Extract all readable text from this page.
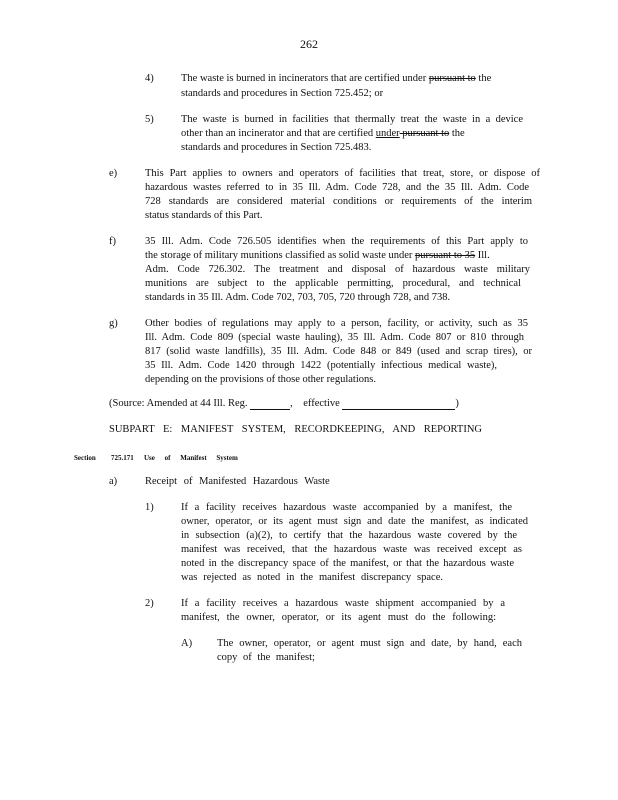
262
4)	The waste is burned in incinerators that are certified under pursuant to the
standards and procedures in Section 725.452; or
5)	The waste is burned in facilities that thermally treat the waste in a device
other than an incinerator and that are certified under pursuant to the
standards and procedures in Section 725.483.
e)	This Part applies to owners and operators of facilities that treat, store, or dispose of
hazardous wastes referred to in 35 Ill. Adm. Code 728, and the 35 Ill. Adm. Code
728 standards are considered material conditions or requirements of the interim
status standards of this Part.
f)	35 Ill. Adm. Code 726.505 identifies when the requirements of this Part apply to
the storage of military munitions classified as solid waste under pursuant to 35 Ill.
Adm. Code 726.302. The treatment and disposal of hazardous waste military
munitions are subject to the applicable permitting, procedural, and technical
standards in 35 Ill. Adm. Code 702, 703, 705, 720 through 728, and 738.
g)	Other bodies of regulations may apply to a person, facility, or activity, such as 35
Ill. Adm. Code 809 (special waste hauling), 35 Ill. Adm. Code 807 or 810 through
817 (solid waste landfills), 35 Ill. Adm. Code 848 or 849 (used and scrap tires), or
35 Ill. Adm. Code 1420 through 1422 (potentially infectious medical waste),
depending on the provisions of those other regulations.
(Source: Amended at 44 Ill. Reg.	, effective	)
SUBPART E: MANIFEST SYSTEM, RECORDKEEPING, AND REPORTING
Section 725.171 Use of Manifest System
a)	Receipt of Manifested Hazardous Waste
1)	If a facility receives hazardous waste accompanied by a manifest, the
owner, operator, or its agent must sign and date the manifest, as indicated
in subsection (a)(2), to certify that the hazardous waste covered by the
manifest was received, that the hazardous waste was received except as
noted in the discrepancy space of the manifest, or that the hazardous waste
was rejected as noted in the manifest discrepancy space.
2)	If a facility receives a hazardous waste shipment accompanied by a
manifest, the owner, operator, or its agent must do the following:
A) The owner, operator, or agent must sign and date, by hand, each
copy of the manifest;
